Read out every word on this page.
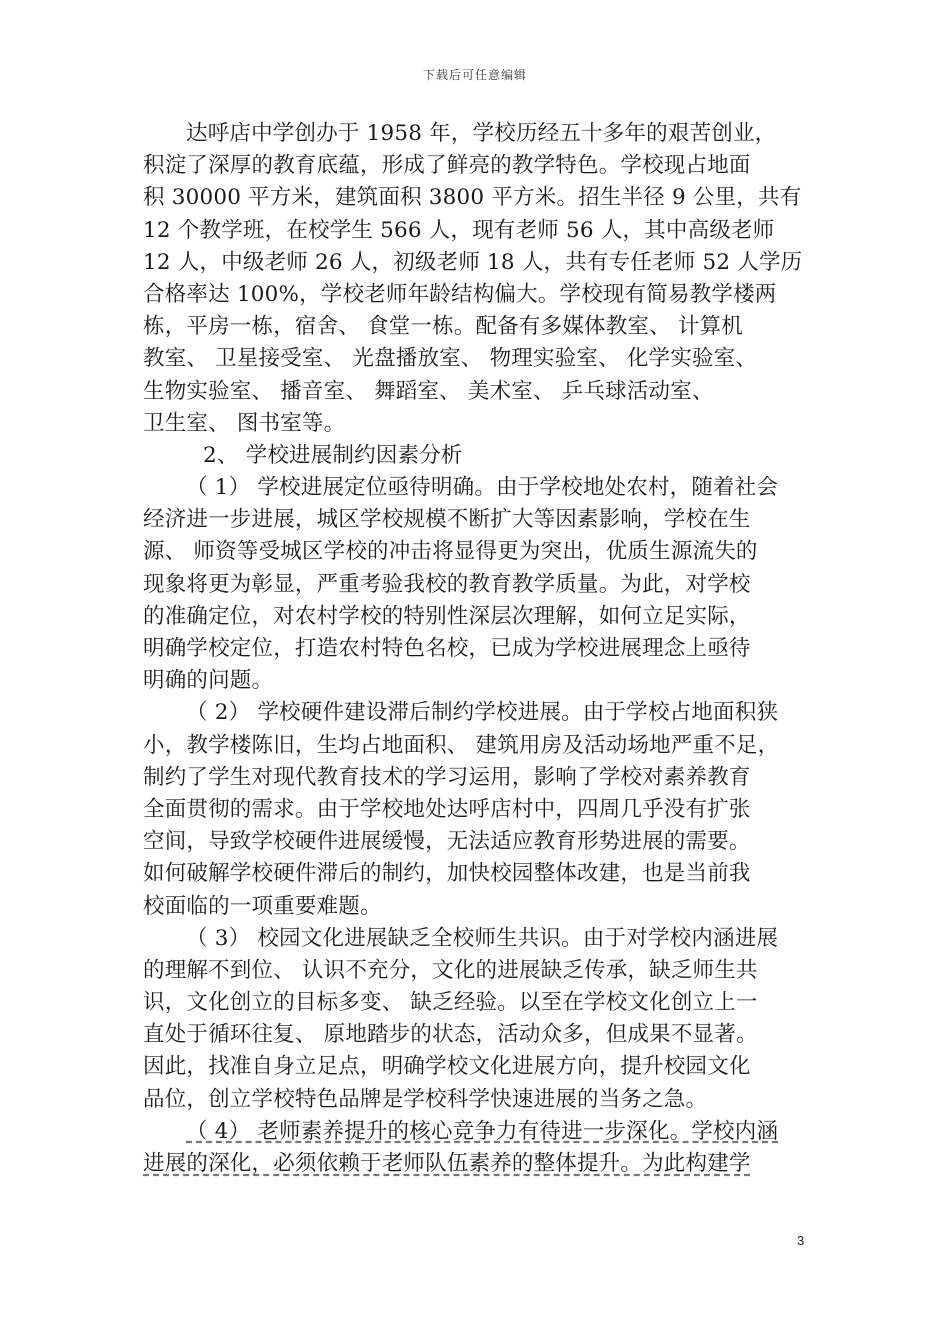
下载后可任意编辑
达呼店中学创办于 1958 年，学校历经五十多年的艰苦创业，
积淀了深厚的教育底蕴，形成了鲜亮的教学特色。学校现占地面
积 30000 平方米，建筑面积 3800 平方米。招生半径 9 公里，共有
12 个教学班，在校学生 566 人，现有老师 56 人，其中高级老师
12 人，中级老师 26 人，初级老师 18 人，共有专任老师 52 人学历
合格率达 100%，学校老师年龄结构偏大。学校现有简易教学楼两
栋，平房一栋，宿舍、 食堂一栋。配备有多媒体教室、 计算机
教室、 卫星接受室、 光盘播放室、 物理实验室、 化学实验室、
生物实验室、 播音室、 舞蹈室、 美术室、 乒乓球活动室、
卫生室、 图书室等。
2、 学校进展制约因素分析
（ 1） 学校进展定位亟待明确。由于学校地处农村，随着社会
经济进一步进展，城区学校规模不断扩大等因素影响，学校在生
源、 师资等受城区学校的冲击将显得更为突出，优质生源流失的
现象将更为彰显，严重考验我校的教育教学质量。为此，对学校
的准确定位，对农村学校的特别性深层次理解，如何立足实际，
明确学校定位，打造农村特色名校，已成为学校进展理念上亟待
明确的问题。
（ 2） 学校硬件建设滞后制约学校进展。由于学校占地面积狭
小，教学楼陈旧，生均占地面积、 建筑用房及活动场地严重不足，
制约了学生对现代教育技术的学习运用，影响了学校对素养教育
全面贯彻的需求。由于学校地处达呼店村中，四周几乎没有扩张
空间，导致学校硬件进展缓慢，无法适应教育形势进展的需要。
如何破解学校硬件滞后的制约，加快校园整体改建，也是当前我
校面临的一项重要难题。
（ 3） 校园文化进展缺乏全校师生共识。由于对学校内涵进展
的理解不到位、 认识不充分，文化的进展缺乏传承，缺乏师生共
识，文化创立的目标多变、 缺乏经验。以至在学校文化创立上一
直处于循环往复、 原地踏步的状态，活动众多，但成果不显著。
因此，找准自身立足点，明确学校文化进展方向，提升校园文化
品位，创立学校特色品牌是学校科学快速进展的当务之急。
（ 4） 老师素养提升的核心竞争力有待进一步深化。学校内涵
进展的深化，必须依赖于老师队伍素养的整体提升。为此构建学
3
